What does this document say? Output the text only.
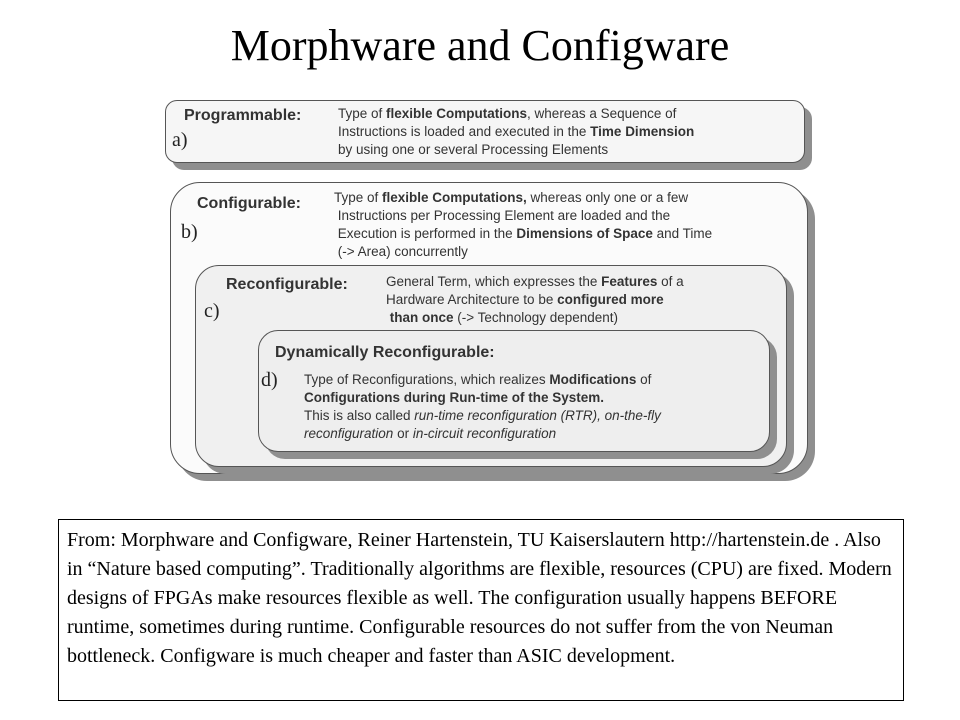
Morphware and Configware
Programmable:
a)
Type of flexible Computations, whereas a Sequence of
Instructions is loaded and executed in the Time Dimension
by using one or several Processing Elements
Configurable:
b)
Type of flexible Computations, whereas only one or a few
Instructions per Processing Element are loaded and the
Execution is performed in the Dimensions of Space and Time
(-> Area) concurrently
Reconfigurable:
c)
General Term, which expresses the Features of a
Hardware Architecture to be configured more
than once (-> Technology dependent)
Dynamically Reconfigurable:
d) Type of Reconfigurations, which realizes Modifications of
Configurations during Run-time of the System.
This is also called run-time reconfiguration (RTR), on-the-fly
reconfiguration or in-circuit reconfiguration
From: Morphware and Configware, Reiner Hartenstein, TU Kaiserslautern http://hartenstein.de . Also in “Nature based computing”. Traditionally algorithms are flexible, resources (CPU) are fixed. Modern designs of FPGAs make resources flexible as well. The configuration usually happens BEFORE runtime, sometimes during runtime. Configurable resources do not suffer from the von Neuman bottleneck. Configware is much cheaper and faster than ASIC development.
